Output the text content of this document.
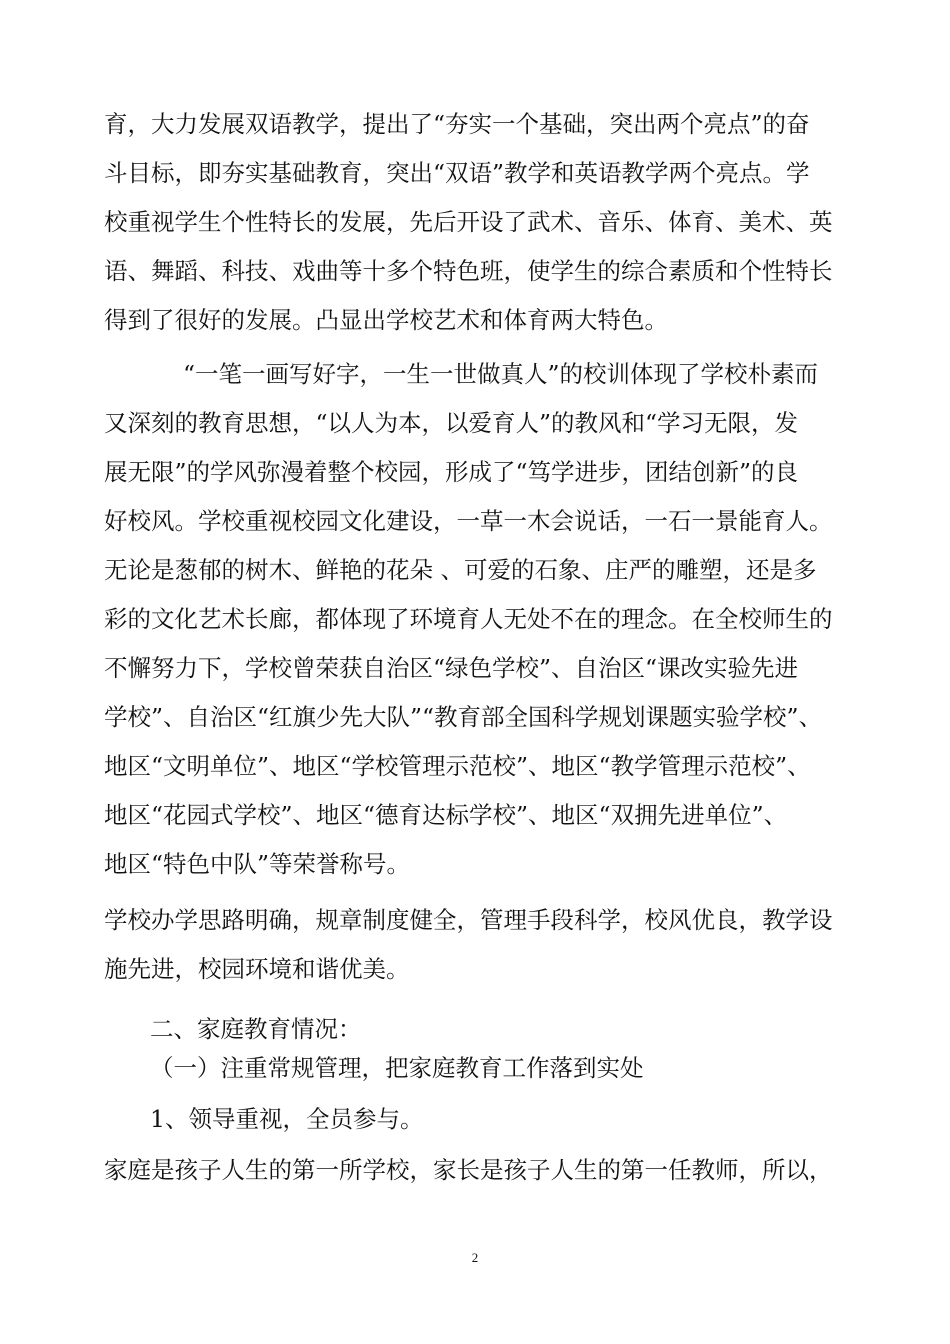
育，大力发展双语教学，提出了“夯实一个基础，突出两个亮点”的奋
斗目标，即夯实基础教育，突出“双语”教学和英语教学两个亮点。学
校重视学生个性特长的发展，先后开设了武术、音乐、体育、美术、英
语、舞蹈、科技、戏曲等十多个特色班，使学生的综合素质和个性特长
得到了很好的发展。凸显出学校艺术和体育两大特色。
“一笔一画写好字，一生一世做真人”的校训体现了学校朴素而
又深刻的教育思想，“以人为本，以爱育人”的教风和“学习无限，发
展无限”的学风弥漫着整个校园，形成了“笃学进步，团结创新”的良
好校风。学校重视校园文化建设，一草一木会说话，一石一景能育人。
无论是葱郁的树木、鲜艳的花朵 、可爱的石象、庄严的雕塑，还是多
彩的文化艺术长廊，都体现了环境育人无处不在的理念。在全校师生的
不懈努力下，学校曾荣获自治区“绿色学校”、自治区“课改实验先进
学校”、自治区“红旗少先大队”“教育部全国科学规划课题实验学校”、
地区“文明单位”、地区“学校管理示范校”、地区“教学管理示范校”、
地区“花园式学校”、地区“德育达标学校”、地区“双拥先进单位”、
地区“特色中队”等荣誉称号。
学校办学思路明确，规章制度健全，管理手段科学，校风优良，教学设
施先进，校园环境和谐优美。
二、家庭教育情况：
（一）注重常规管理，把家庭教育工作落到实处
1、领导重视，全员参与。
家庭是孩子人生的第一所学校，家长是孩子人生的第一任教师，所以，
2
